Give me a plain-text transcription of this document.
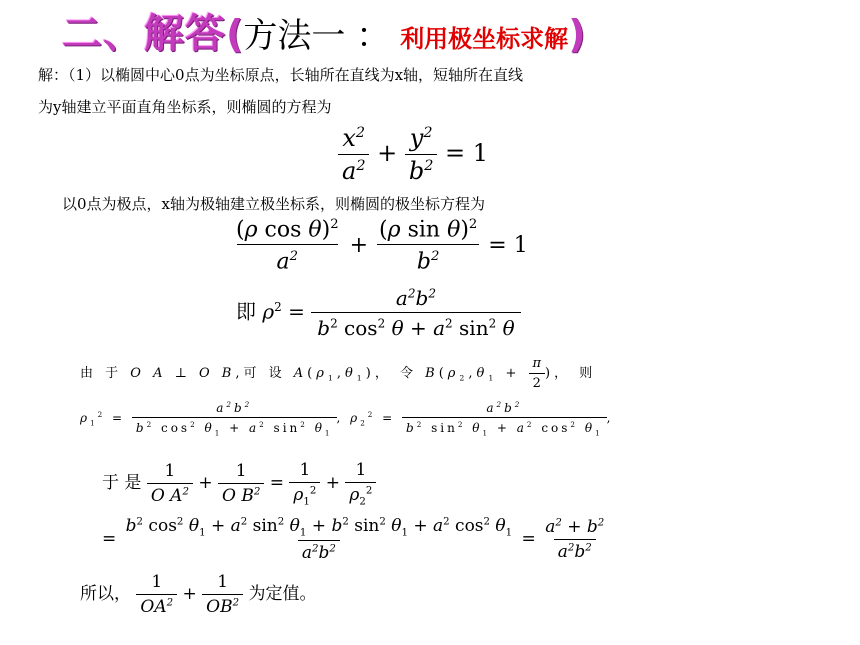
二、解答 ( 方法一 ： 利用极坐标求解 )
解：（1）以椭圆中心0点为坐标原点，长轴所在直线为x轴，短轴所在直线
为y轴建立平面直角坐标系，则椭圆的方程为
$\frac{x^2}{a^2} + \frac{y^2}{b^2} = 1$
以0点为极点，x轴为极轴建立极坐标系，则椭圆的极坐标方程为
$\frac{(\rho \cos \theta)^2}{a^2} + \frac{(\rho \sin \theta)^2}{b^2} = 1$
即 $\rho^2 = \frac{a^2b^2}{b^2 \cos^2 \theta + a^2 \sin^2 \theta}$
由 于 O A ⊥ O B,可 设 $A(\rho_1,\theta_1)$， 令 $B(\rho_2,\theta_1 + \frac{\pi}{2}$ )， 则
$\rho_1^2 = \frac{a^2b^2}{b^2 \cos^2 \theta_1 + a^2 \sin^2 \theta_1}$ , $\rho_2^2 = \frac{a^2b^2}{b^2 \sin^2 \theta_1 + a^2 \cos^2 \theta_1}$ ,
于 是 $\frac{1}{O A^2} + \frac{1}{O B^2} = \frac{1}{\rho_1^2} + \frac{1}{\rho_2^2}$
= $\frac{b^2 \cos^2 \theta_1 + a^2 \sin^2 \theta_1 + b^2 \sin^2 \theta_1 + a^2 \cos^2 \theta_1}{a^2b^2} = \frac{a^2 + b^2}{a^2b^2}$
所以， $\frac{1}{OA^2} + \frac{1}{OB^2}$ 为定值。
